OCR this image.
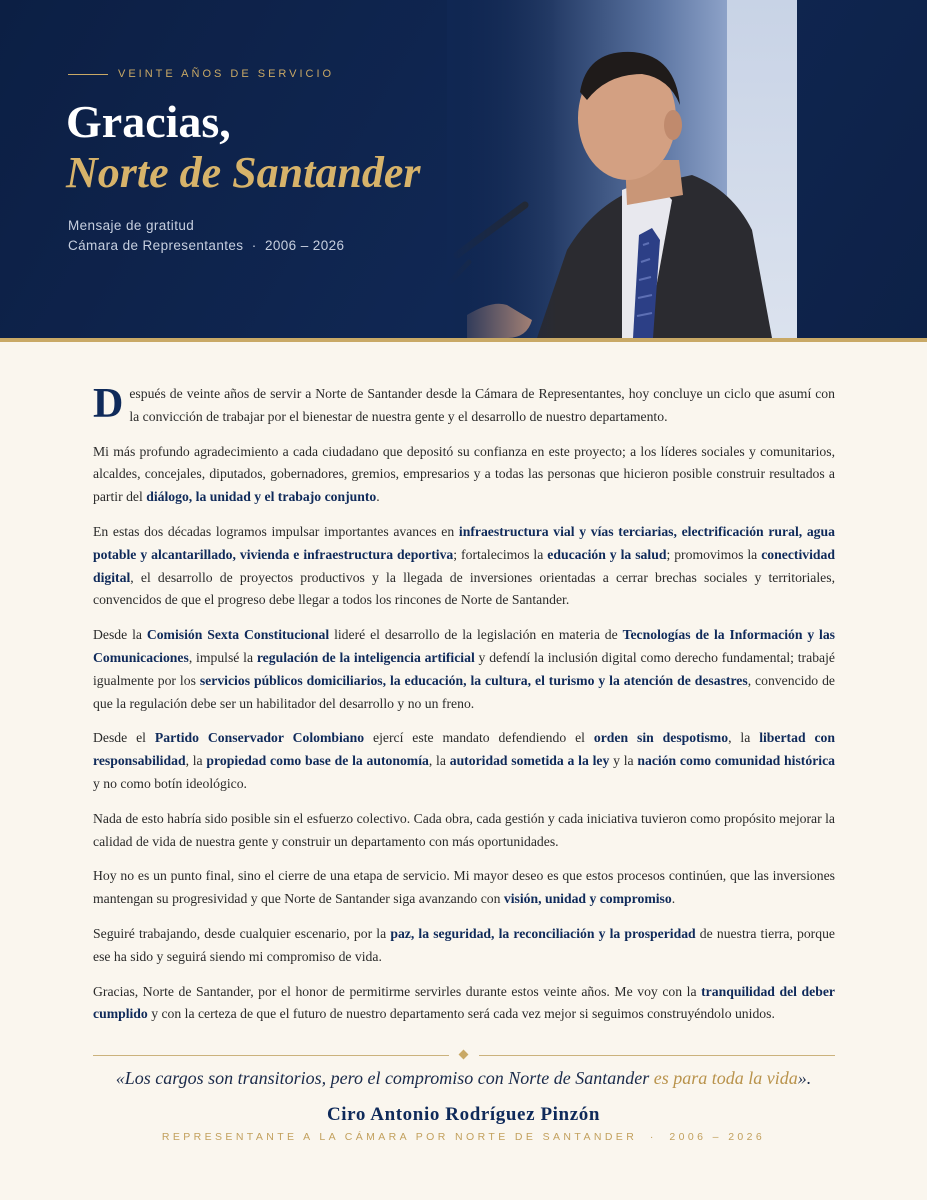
VEINTE AÑOS DE SERVICIO
Gracias,
Norte de Santander
Mensaje de gratitud
Cámara de Representantes  ·  2006 – 2026

Después de veinte años de servir a Norte de Santander desde la Cámara de Representantes, hoy concluye un ciclo que asumí con la convicción de trabajar por el bienestar de nuestra gente y el desarrollo de nuestro departamento.

Mi más profundo agradecimiento a cada ciudadano que depositó su confianza en este proyecto; a los líderes sociales y comunitarios, alcaldes, concejales, diputados, gobernadores, gremios, empresarios y a todas las personas que hicieron posible construir resultados a partir del diálogo, la unidad y el trabajo conjunto.

En estas dos décadas logramos impulsar importantes avances en infraestructura vial y vías terciarias, electrificación rural, agua potable y alcantarillado, vivienda e infraestructura deportiva; fortalecimos la educación y la salud; promovimos la conectividad digital, el desarrollo de proyectos productivos y la llegada de inversiones orientadas a cerrar brechas sociales y territoriales, convencidos de que el progreso debe llegar a todos los rincones de Norte de Santander.

Desde la Comisión Sexta Constitucional lideré el desarrollo de la legislación en materia de Tecnologías de la Información y las Comunicaciones, impulsé la regulación de la inteligencia artificial y defendí la inclusión digital como derecho fundamental; trabajé igualmente por los servicios públicos domiciliarios, la educación, la cultura, el turismo y la atención de desastres, convencido de que la regulación debe ser un habilitador del desarrollo y no un freno.

Desde el Partido Conservador Colombiano ejercí este mandato defendiendo el orden sin despotismo, la libertad con responsabilidad, la propiedad como base de la autonomía, la autoridad sometida a la ley y la nación como comunidad histórica y no como botín ideológico.

Nada de esto habría sido posible sin el esfuerzo colectivo. Cada obra, cada gestión y cada iniciativa tuvieron como propósito mejorar la calidad de vida de nuestra gente y construir un departamento con más oportunidades.

Hoy no es un punto final, sino el cierre de una etapa de servicio. Mi mayor deseo es que estos procesos continúen, que las inversiones mantengan su progresividad y que Norte de Santander siga avanzando con visión, unidad y compromiso.

Seguiré trabajando, desde cualquier escenario, por la paz, la seguridad, la reconciliación y la prosperidad de nuestra tierra, porque ese ha sido y seguirá siendo mi compromiso de vida.

Gracias, Norte de Santander, por el honor de permitirme servirles durante estos veinte años. Me voy con la tranquilidad del deber cumplido y con la certeza de que el futuro de nuestro departamento será cada vez mejor si seguimos construyéndolo unidos.

«Los cargos son transitorios, pero el compromiso con Norte de Santander es para toda la vida».
Ciro Antonio Rodríguez Pinzón
REPRESENTANTE A LA CÁMARA POR NORTE DE SANTANDER  ·  2006 – 2026
